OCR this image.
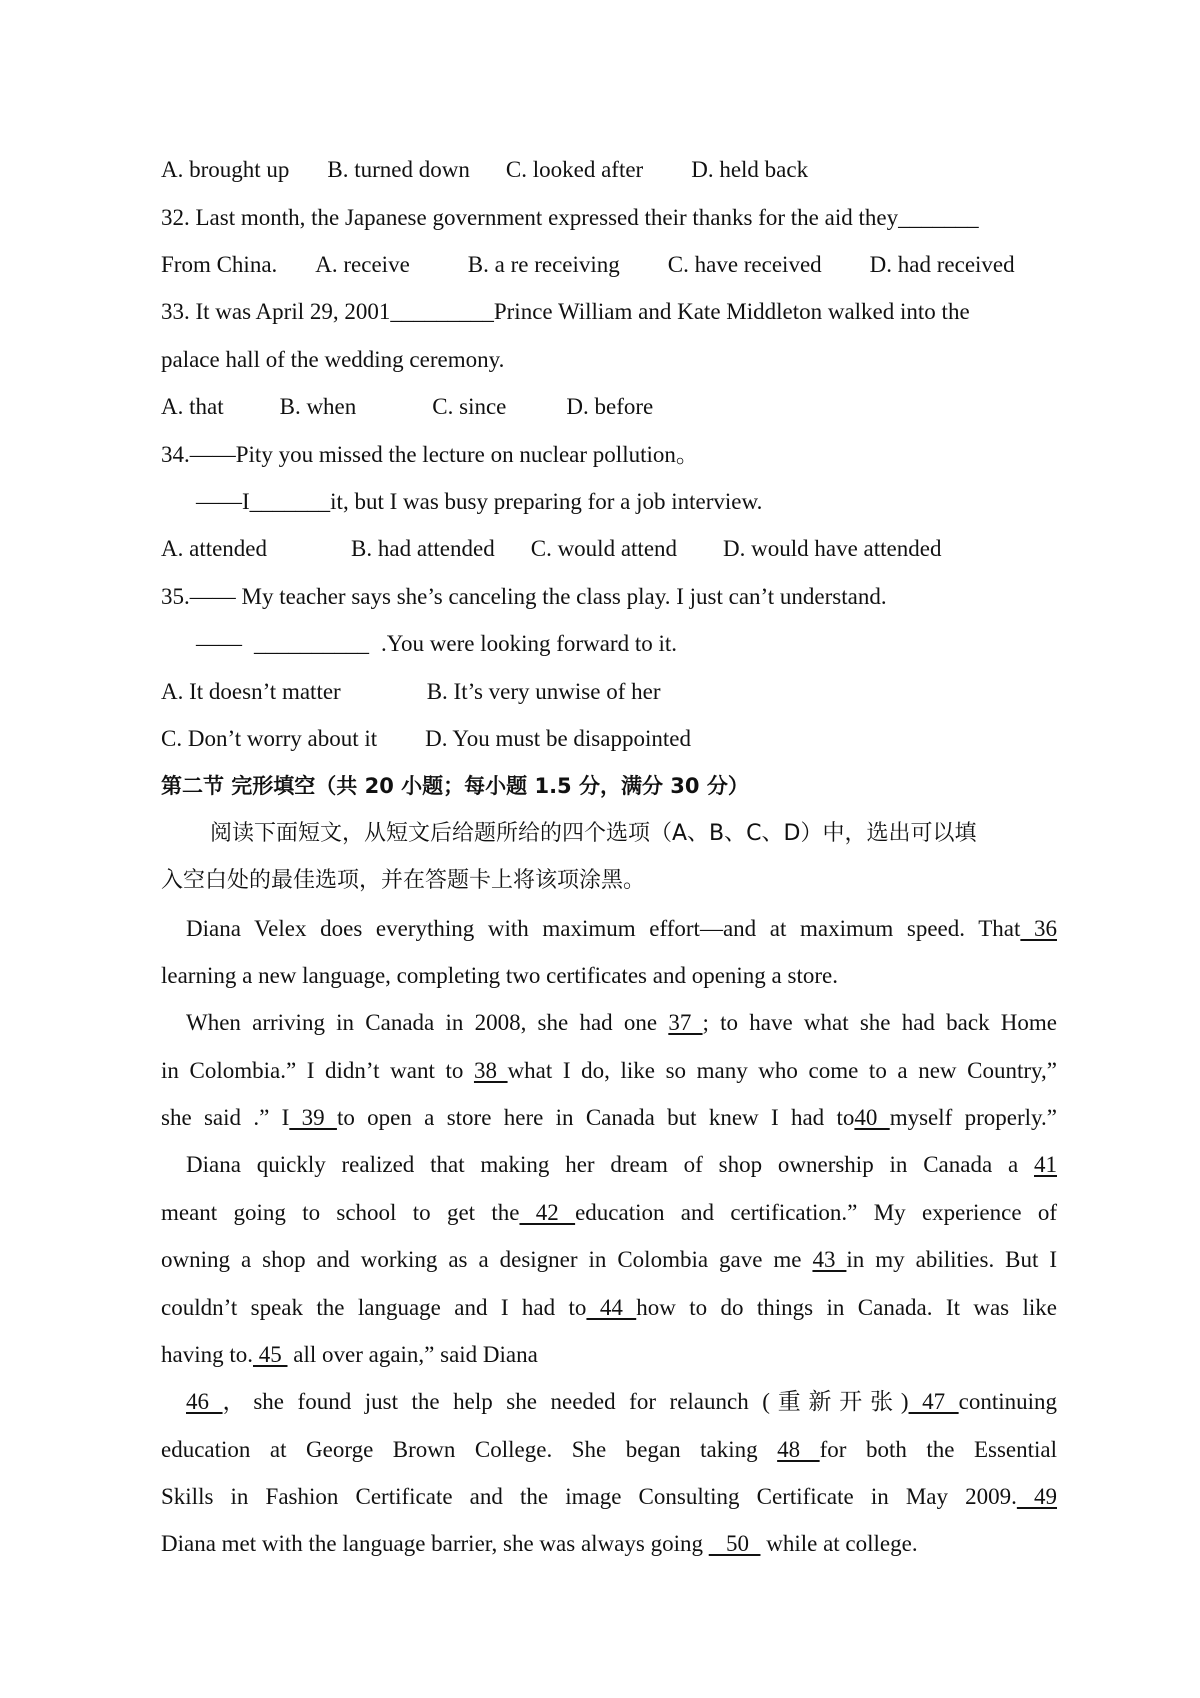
A. brought up B. turned down C. looked after D. held back
32. Last month, the Japanese government expressed their thanks for the aid they_______
From China. A. receive	B. a re receiving C. have received D. had received
33. It was April 29, 2001_________Prince William and Kate Middleton walked into the
palace hall of the wedding ceremony.
A. that B. when	C. since	D. before
34.——Pity you missed the lecture on nuclear pollution。
——I_______it, but I was busy preparing for a job interview.
A. attended	B. had attended C. would attend D. would have attended
35.—— My teacher says she’s canceling the class play. I just can’t understand.
—— __________ .You were looking forward to it.
A. It doesn’t matter	B. It’s very unwise of her
C. Don’t worry about it D. You must be disappointed
第二节 完形填空（共 20 小题；每小题 1.5 分，满分 30 分）
阅读下面短文，从短文后给题所给的四个选项（A、B、C、D）中，选出可以填
入空白处的最佳选项，并在答题卡上将该项涂黑。
Diana Velex does everything with maximum effort—and at maximum speed. That 36
learning a new language, completing two certificates and opening a store.
When arriving in Canada in 2008, she had one 37 ; to have what she had back Home
in Colombia.” I didn’t want to 38 what I do, like so many who come to a new Country,”
she said .” I 39 to open a store here in Canada but knew I had to40 myself properly.”
Diana quickly realized that making her dream of shop ownership in Canada a 41
meant going to school to get the 42 education and certification.” My experience of
owning a shop and working as a designer in Colombia gave me 43 in my abilities. But I
couldn’t speak the language and I had to 44 how to do things in Canada. It was like
having to. 45  all over again,” said Diana
46 ，she found just the help she needed for relaunch (重新开张) 47 continuing
education at George Brown College. She began taking 48 for both the Essential
Skills in Fashion Certificate and the image Consulting Certificate in May 2009. 49
Diana met with the language barrier, she was always going    50   while at college.
